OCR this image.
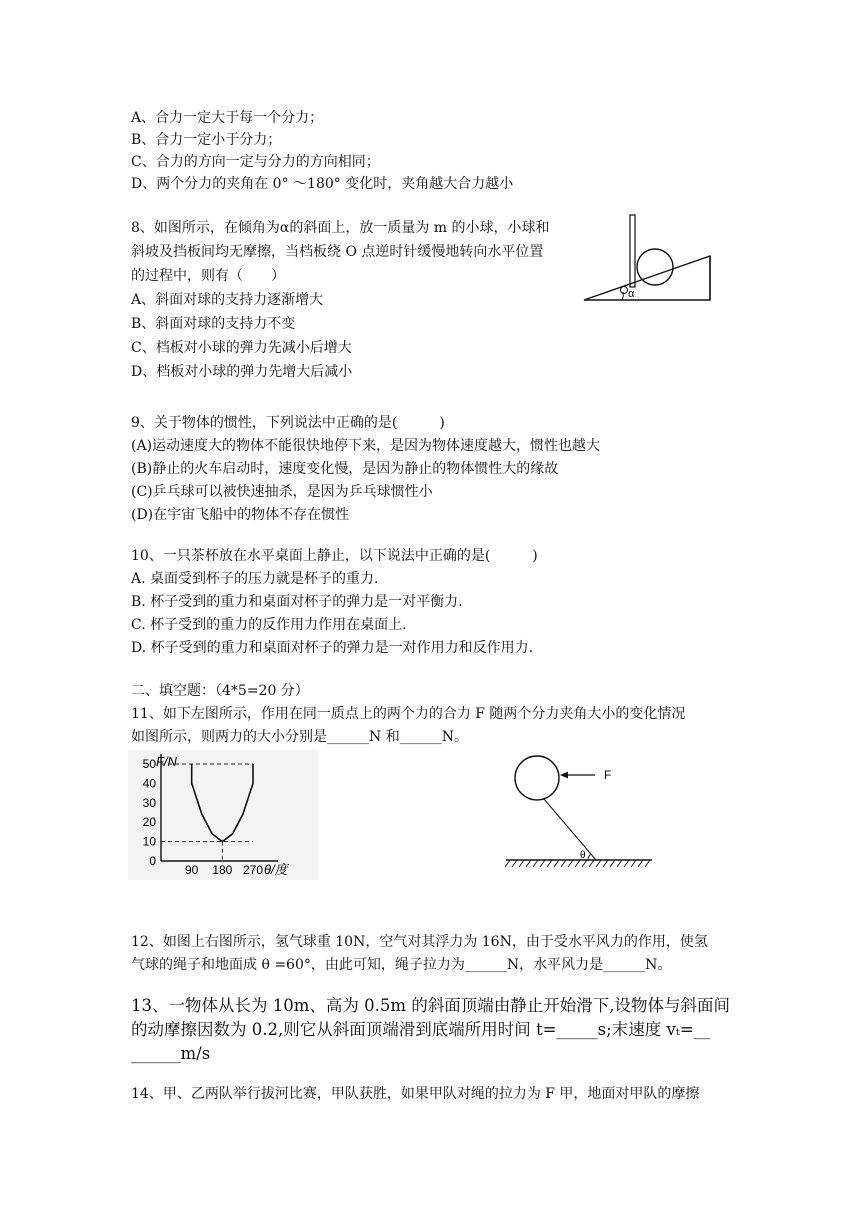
A、合力一定大于每一个分力；
B、合力一定小于分力；
C、合力的方向一定与分力的方向相同；
D、两个分力的夹角在 0° ～180° 变化时，夹角越大合力越小
8、如图所示，在倾角为α的斜面上，放一质量为 m 的小球，小球和
斜坡及挡板间均无摩擦，当档板绕 O 点逆时针缓慢地转向水平位置
的过程中，则有（　　）
A、斜面对球的支持力逐渐增大
B、斜面对球的支持力不变
C、档板对小球的弹力先减小后增大
D、档板对小球的弹力先增大后减小
α
9、关于物体的惯性，下列说法中正确的是(　　　)
(A)运动速度大的物体不能很快地停下来，是因为物体速度越大，惯性也越大
(B)静止的火车启动时，速度变化慢，是因为静止的物体惯性大的缘故
(C)乒乓球可以被快速抽杀，是因为乒乓球惯性小
(D)在宇宙飞船中的物体不存在惯性
10、一只茶杯放在水平桌面上静止，以下说法中正确的是(　　　)
A. 桌面受到杯子的压力就是杯子的重力.
B. 杯子受到的重力和桌面对杯子的弹力是一对平衡力.
C. 杯子受到的重力的反作用力作用在桌面上.
D. 杯子受到的重力和桌面对杯子的弹力是一对作用力和反作用力.
二、填空题：（4*5=20 分）
11、如下左图所示，作用在同一质点上的两个力的合力 F 随两个分力夹角大小的变化情况
如图所示，则两力的大小分别是______N 和______N。
F/N
θ/度
50
40
30
20
10
0
90 180 270
F
θ
12、如图上右图所示，氢气球重 10N，空气对其浮力为 16N，由于受水平风力的作用，使氢
气球的绳子和地面成 θ =60°，由此可知，绳子拉力为______N，水平风力是______N。
13、一物体从长为 10m、高为 0.5m 的斜面顶端由静止开始滑下,设物体与斜面间
的动摩擦因数为 0.2,则它从斜面顶端滑到底端所用时间 t=_____s;末速度 vₜ=__
______m/s
14、甲、乙两队举行拔河比赛，甲队获胜，如果甲队对绳的拉力为 F 甲，地面对甲队的摩擦
